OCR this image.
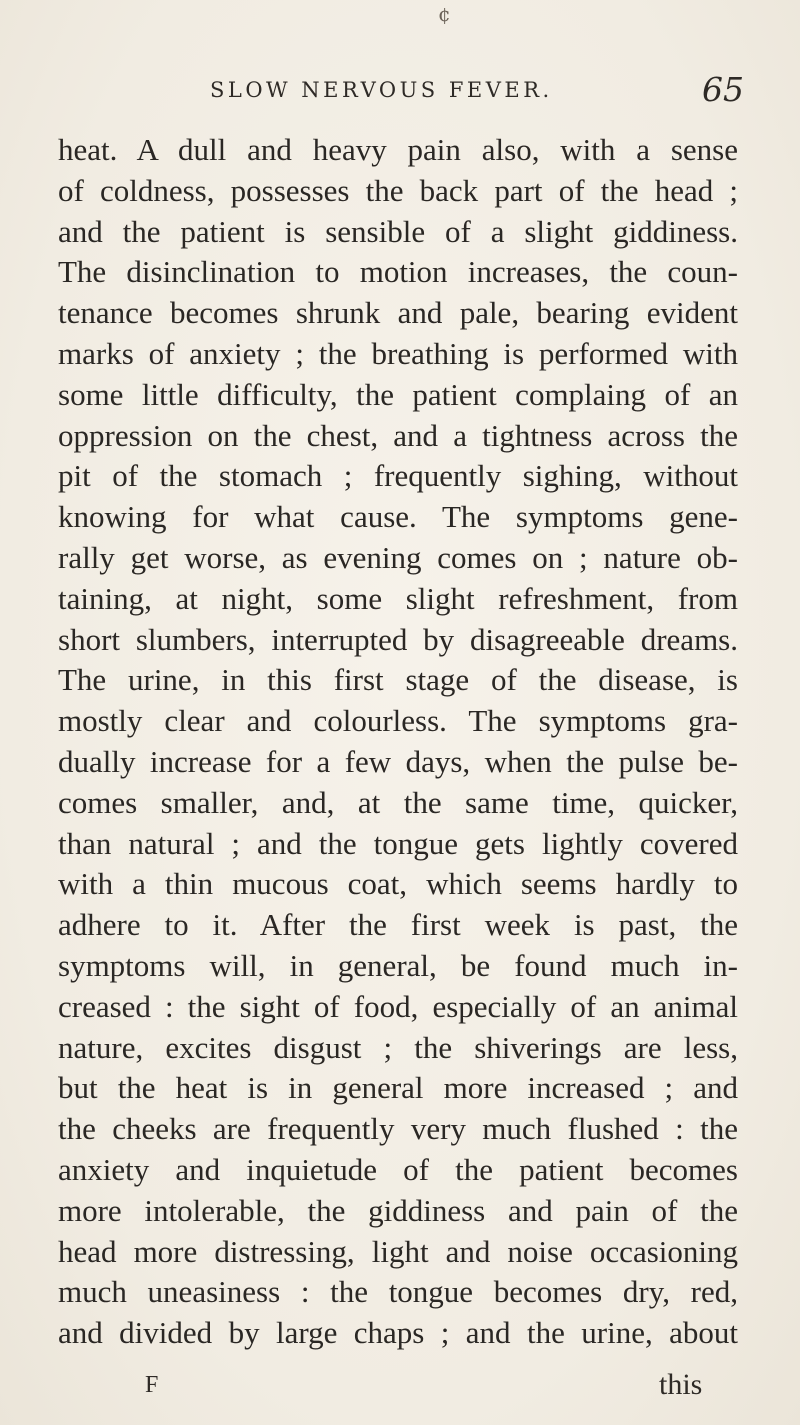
¢
SLOW NERVOUS FEVER.	65
heat. A dull and heavy pain also, with a sense
of coldness, possesses the back part of the head ;
and the patient is sensible of a slight giddiness.
The disinclination to motion increases, the coun-
tenance becomes shrunk and pale, bearing evident
marks of anxiety ; the breathing is performed with
some little difficulty, the patient complaing of an
oppression on the chest, and a tightness across the
pit of the stomach ; frequently sighing, without
knowing for what cause. The symptoms gene-
rally get worse, as evening comes on ; nature ob-
taining, at night, some slight refreshment, from
short slumbers, interrupted by disagreeable dreams.
The urine, in this first stage of the disease, is
mostly clear and colourless. The symptoms gra-
dually increase for a few days, when the pulse be-
comes smaller, and, at the same time, quicker,
than natural ; and the tongue gets lightly covered
with a thin mucous coat, which seems hardly to
adhere to it. After the first week is past, the
symptoms will, in general, be found much in-
creased : the sight of food, especially of an animal
nature, excites disgust ; the shiverings are less,
but the heat is in general more increased ; and
the cheeks are frequently very much flushed : the
anxiety and inquietude of the patient becomes
more intolerable, the giddiness and pain of the
head more distressing, light and noise occasioning
much uneasiness : the tongue becomes dry, red,
and divided by large chaps ; and the urine, about
F	this
